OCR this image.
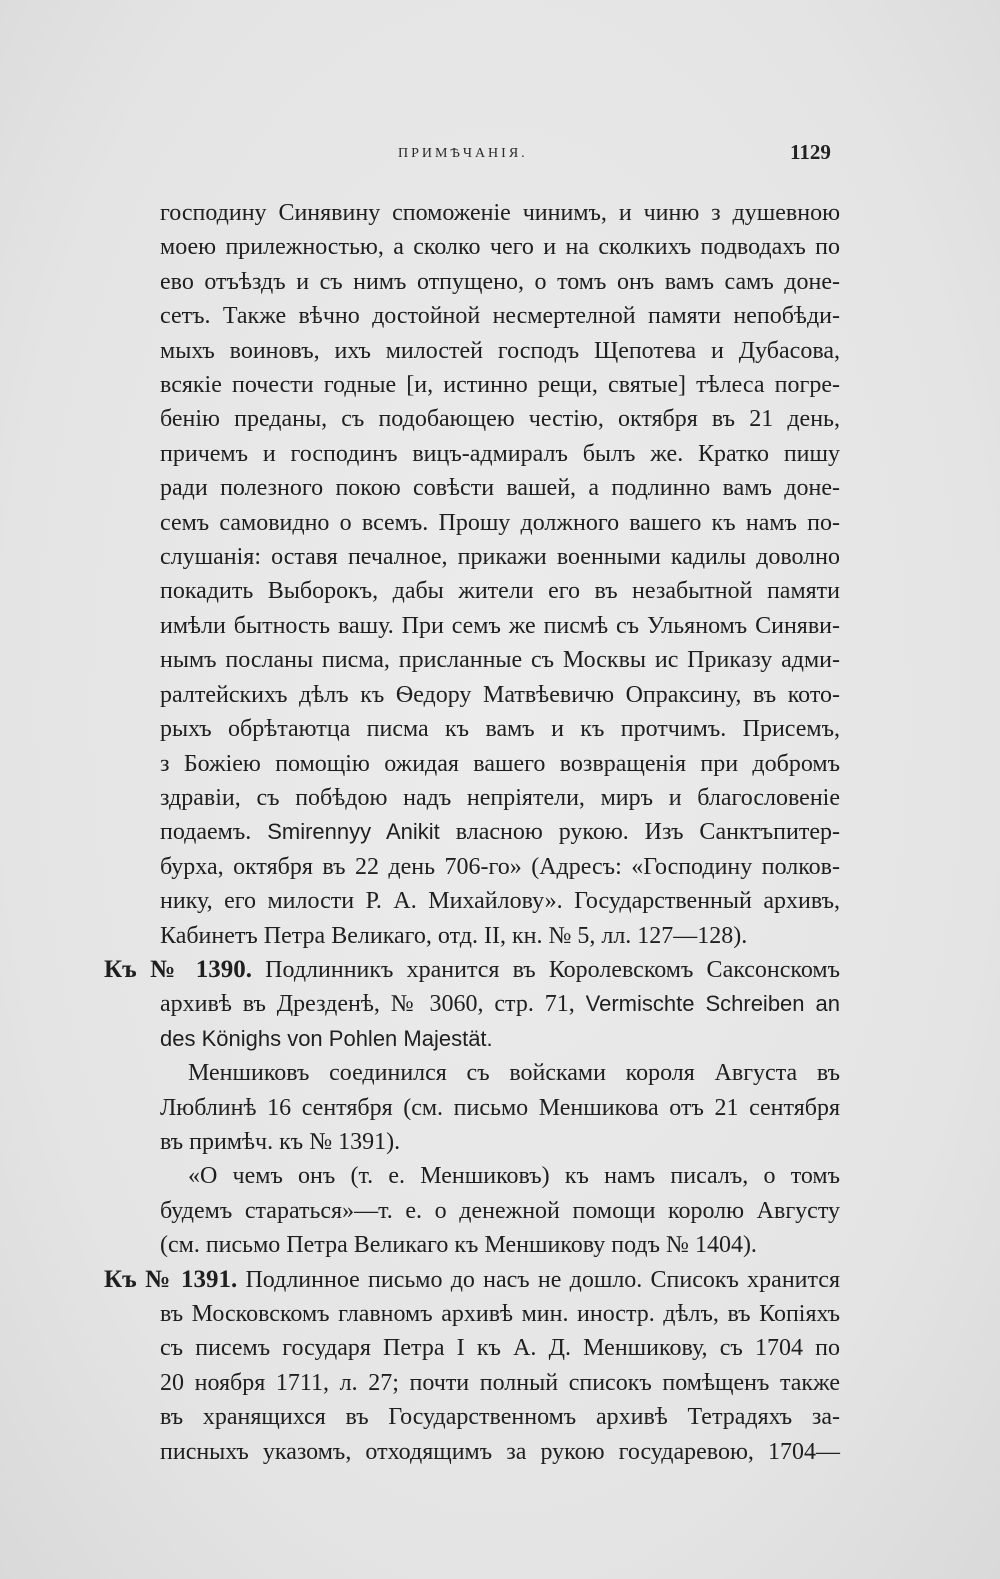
ПРИМѢЧАНІЯ.	1129

господину Синявину споможеніе чинимъ, и чиню з душевною
моею прилежностью, а сколко чего и на сколкихъ подводахъ по
ево отъѣздъ и съ нимъ отпущено, о томъ онъ вамъ самъ доне-
сетъ. Также вѣчно достойной несмертелной памяти непобѣди-
мыхъ воиновъ, ихъ милостей господъ Щепотева и Дубасова,
всякіе почести годные [и, истинно рещи, святые] тѣлеса погре-
бенію преданы, съ подобающею честію, октября въ 21 день,
причемъ и господинъ вицъ-адмиралъ былъ же. Кратко пишу
ради полезного покою совѣсти вашей, а подлинно вамъ доне-
семъ самовидно о всемъ. Прошу должного вашего къ намъ по-
слушанія: оставя печалное, прикажи военными кадилы доволно
покадить Выборокъ, дабы жители его въ незабытной памяти
имѣли бытность вашу. При семъ же писмѣ съ Ульяномъ Синяви-
нымъ посланы писма, присланные съ Москвы ис Приказу адми-
ралтейскихъ дѣлъ къ Ѳедору Матвѣевичю Опраксину, въ кото-
рыхъ обрѣтаютца писма къ вамъ и къ протчимъ. Присемъ,
з Божіею помощію ожидая вашего возвращенія при добромъ
здравіи, съ побѣдою надъ непріятели, миръ и благословеніе
подаемъ. Smirennyy Anikit власною рукою. Изъ Санктъпитер-
бурха, октября въ 22 день 706-го» (Адресъ: «Господину полков-
нику, его милости Р. А. Михайлову». Государственный архивъ,
Кабинетъ Петра Великаго, отд. II, кн. № 5, лл. 127—128).

Къ № 1390. Подлинникъ хранится въ Королевскомъ Саксонскомъ
архивѣ въ Дрезденѣ, № 3060, стр. 71, Vermischte Schreiben an
des Könighs von Pohlen Majestät.

Меншиковъ соединился съ войсками короля Августа въ
Люблинѣ 16 сентября (см. письмо Меншикова отъ 21 сентября
въ примѣч. къ № 1391).

«О чемъ онъ (т. е. Меншиковъ) къ намъ писалъ, о томъ
будемъ стараться»—т. е. о денежной помощи королю Августу
(см. письмо Петра Великаго къ Меншикову подъ № 1404).

Къ № 1391. Подлинное письмо до насъ не дошло. Списокъ хранится
въ Московскомъ главномъ архивѣ мин. иностр. дѣлъ, въ Копіяхъ
съ писемъ государя Петра I къ А. Д. Меншикову, съ 1704 по
20 ноября 1711, л. 27; почти полный списокъ помѣщенъ также
въ хранящихся въ Государственномъ архивѣ Тетрадяхъ за-
писныхъ указомъ, отходящимъ за рукою государевою, 1704—
